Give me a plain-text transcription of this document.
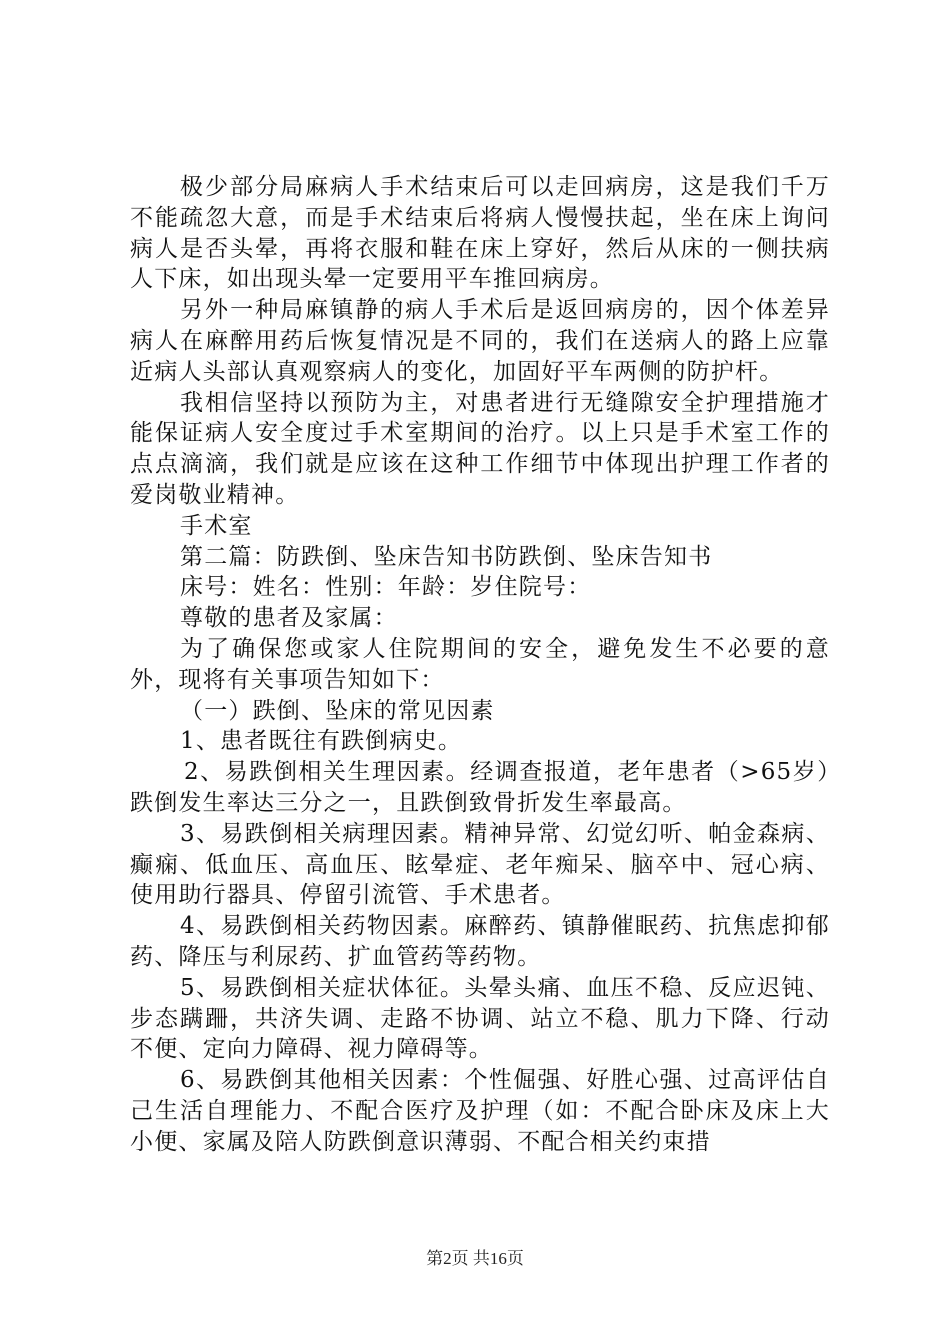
极少部分局麻病人手术结束后可以走回病房，这是我们千万不能疏忽大意，而是手术结束后将病人慢慢扶起，坐在床上询问病人是否头晕，再将衣服和鞋在床上穿好，然后从床的一侧扶病人下床，如出现头晕一定要用平车推回病房。

另外一种局麻镇静的病人手术后是返回病房的，因个体差异病人在麻醉用药后恢复情况是不同的，我们在送病人的路上应靠近病人头部认真观察病人的变化，加固好平车两侧的防护杆。

我相信坚持以预防为主，对患者进行无缝隙安全护理措施才能保证病人安全度过手术室期间的治疗。以上只是手术室工作的点点滴滴，我们就是应该在这种工作细节中体现出护理工作者的爱岗敬业精神。

手术室

第二篇：防跌倒、坠床告知书防跌倒、坠床告知书

床号：姓名：性别：年龄：岁住院号：

尊敬的患者及家属：

为了确保您或家人住院期间的安全，避免发生不必要的意外，现将有关事项告知如下：

（一）跌倒、坠床的常见因素

1、患者既往有跌倒病史。

2、易跌倒相关生理因素。经调查报道，老年患者（>65岁）跌倒发生率达三分之一，且跌倒致骨折发生率最高。

3、易跌倒相关病理因素。精神异常、幻觉幻听、帕金森病、癫痫、低血压、高血压、眩晕症、老年痴呆、脑卒中、冠心病、使用助行器具、停留引流管、手术患者。

4、易跌倒相关药物因素。麻醉药、镇静催眠药、抗焦虑抑郁药、降压与利尿药、扩血管药等药物。

5、易跌倒相关症状体征。头晕头痛、血压不稳、反应迟钝、步态蹒跚，共济失调、走路不协调、站立不稳、肌力下降、行动不便、定向力障碍、视力障碍等。

6、易跌倒其他相关因素：个性倔强、好胜心强、过高评估自己生活自理能力、不配合医疗及护理（如：不配合卧床及床上大小便、家属及陪人防跌倒意识薄弱、不配合相关约束措

第2页 共16页
